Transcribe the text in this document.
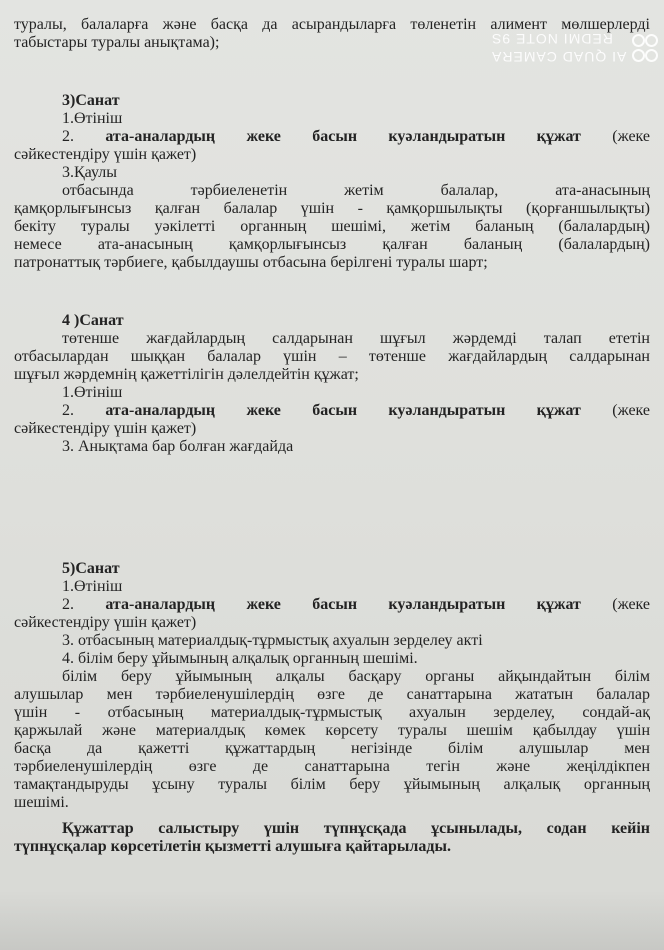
туралы, балаларға және басқа да асырандыларға төленетін алимент мөлшерлерді
табыстары туралы анықтама);
3)Санат
1.Өтініш
2. ата-аналардың жеке басын куәландыратын құжат (жеке
сәйкестендіру үшін қажет)
3.Қаулы
отбасында тәрбиеленетін жетім балалар, ата-анасының
қамқорлығынсыз қалған балалар үшін - қамқоршылықты (қорғаншылықты)
бекіту туралы уәкілетті органның шешімі, жетім баланың (балалардың)
немесе ата-анасының қамқорлығынсыз қалған баланың (балалардың)
патронаттық тәрбиеге, қабылдаушы отбасына берілгені туралы шарт;
4 )Санат
төтенше жағдайлардың салдарынан шұғыл жәрдемді талап ететін
отбасылардан шыққан балалар үшін – төтенше жағдайлардың салдарынан
шұғыл жәрдемнің қажеттілігін дәлелдейтін құжат;
1.Өтініш
2. ата-аналардың жеке басын куәландыратын құжат (жеке
сәйкестендіру үшін қажет)
3. Анықтама бар болған жағдайда
5)Санат
1.Өтініш
2. ата-аналардың жеке басын куәландыратын құжат (жеке
сәйкестендіру үшін қажет)
3. отбасының материалдық-тұрмыстық ахуалын зерделеу акті
4. білім беру ұйымының алқалық органның шешімі.
білім беру ұйымының алқалы басқару органы айқындайтын білім
алушылар мен тәрбиеленушілердің өзге де санаттарына жататын балалар
үшін - отбасының материалдық-тұрмыстық ахуалын зерделеу, сондай-ақ
қаржылай және материалдық көмек көрсету туралы шешім қабылдау үшін
басқа да қажетті құжаттардың негізінде білім алушылар мен
тәрбиеленушілердің өзге де санаттарына тегін және жеңілдікпен
тамақтандыруды ұсыну туралы білім беру ұйымының алқалық органның
шешімі.
Құжаттар салыстыру үшін түпнұсқада ұсынылады, содан кейін
түпнұсқалар көрсетілетін қызметті алушыға қайтарылады.
AI QUAD CAMERA
REDMI NOTE 9S
